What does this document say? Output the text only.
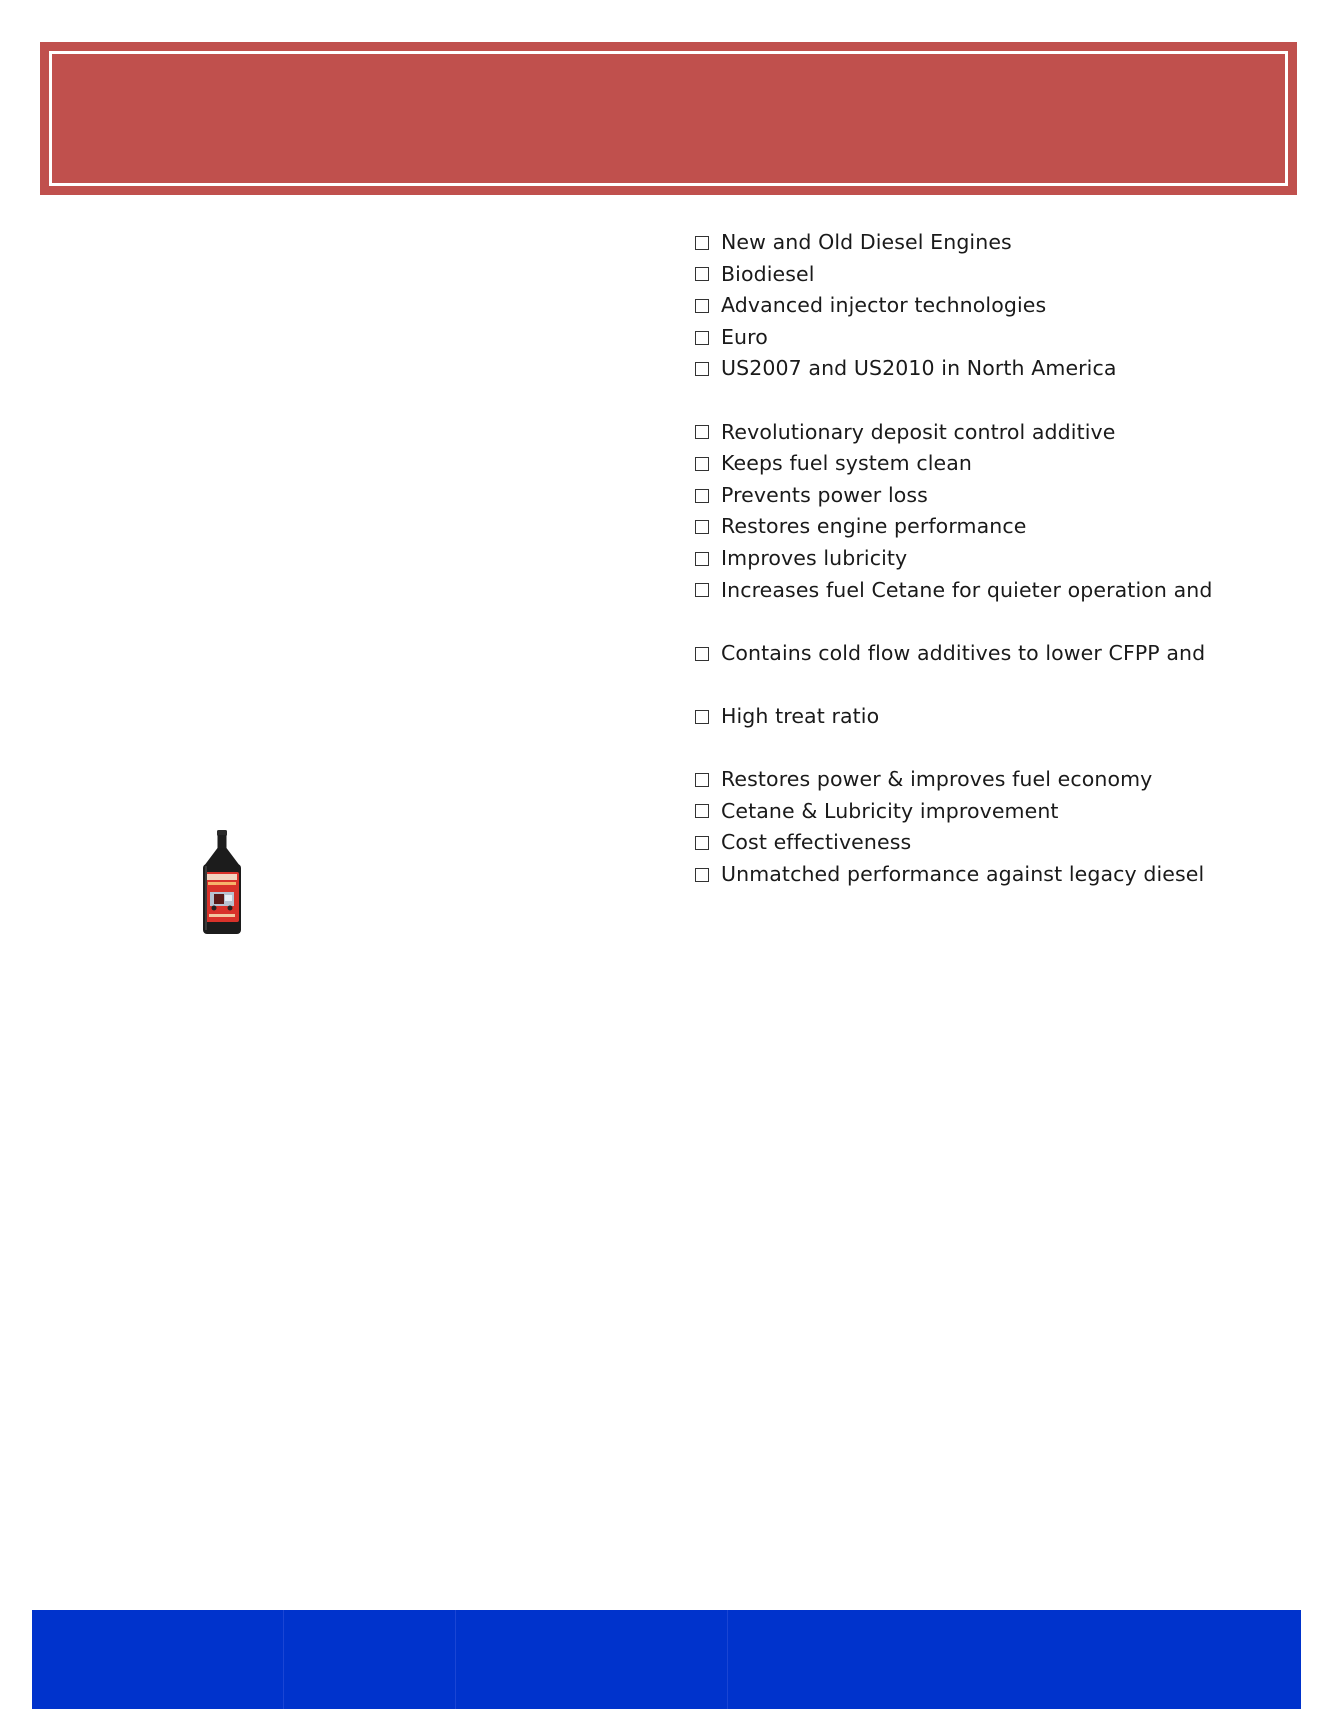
New and Old Diesel Engines
Biodiesel
Advanced injector technologies
Euro
US2007 and US2010 in North America
Revolutionary deposit control additive
Keeps fuel system clean
Prevents power loss
Restores engine performance
Improves lubricity
Increases fuel Cetane for quieter operation and
Contains cold flow additives to lower CFPP and
High treat ratio
Restores power & improves fuel economy
Cetane & Lubricity improvement
Cost effectiveness
Unmatched performance against legacy diesel
